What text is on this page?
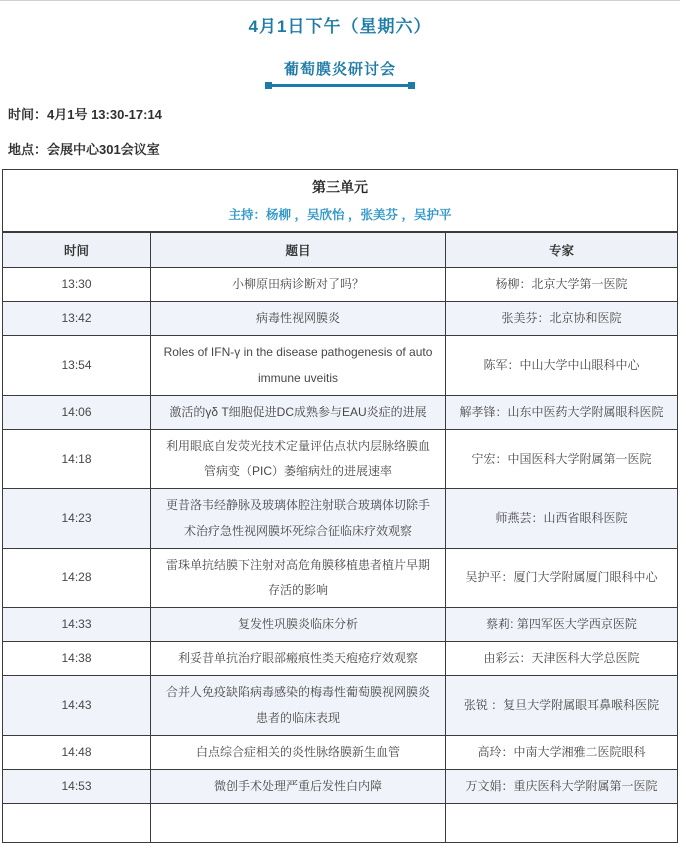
4月1日下午（星期六）
葡萄膜炎研讨会
时间：4月1号 13:30-17:14
地点：会展中心301会议室
第三单元
主持：杨柳 ，吴欣怡 ，张美芬 ，吴护平		

时间	题目	专家
13:30	小柳原田病诊断对了吗？	杨柳：北京大学第一医院
13:42	病毒性视网膜炎	张美芬：北京协和医院
13:54	Roles of IFN-γ in the disease pathogenesis of autoimmune uveitis	陈军：中山大学中山眼科中心
14:06	激活的γδ T细胞促进DC成熟参与EAU炎症的进展	解孝锋：山东中医药大学附属眼科医院
14:18	利用眼底自发荧光技术定量评估点状内层脉络膜血管病变（PIC）萎缩病灶的进展速率	宁宏：中国医科大学附属第一医院
14:23	更昔洛韦经静脉及玻璃体腔注射联合玻璃体切除手术治疗急性视网膜坏死综合征临床疗效观察	师燕芸：山西省眼科医院
14:28	雷珠单抗结膜下注射对高危角膜移植患者植片早期存活的影响	吴护平：厦门大学附属厦门眼科中心
14:33	复发性巩膜炎临床分析	蔡莉: 第四军医大学西京医院
14:38	利妥昔单抗治疗眼部瘢痕性类天疱疮疗效观察	由彩云：天津医科大学总医院
14:43	合并人免疫缺陷病毒感染的梅毒性葡萄膜视网膜炎患者的临床表现	张锐 ：复旦大学附属眼耳鼻喉科医院
14:48	白点综合症相关的炎性脉络膜新生血管	高玲：中南大学湘雅二医院眼科
14:53	微创手术处理严重后发性白内障	万文娟：重庆医科大学附属第一医院
